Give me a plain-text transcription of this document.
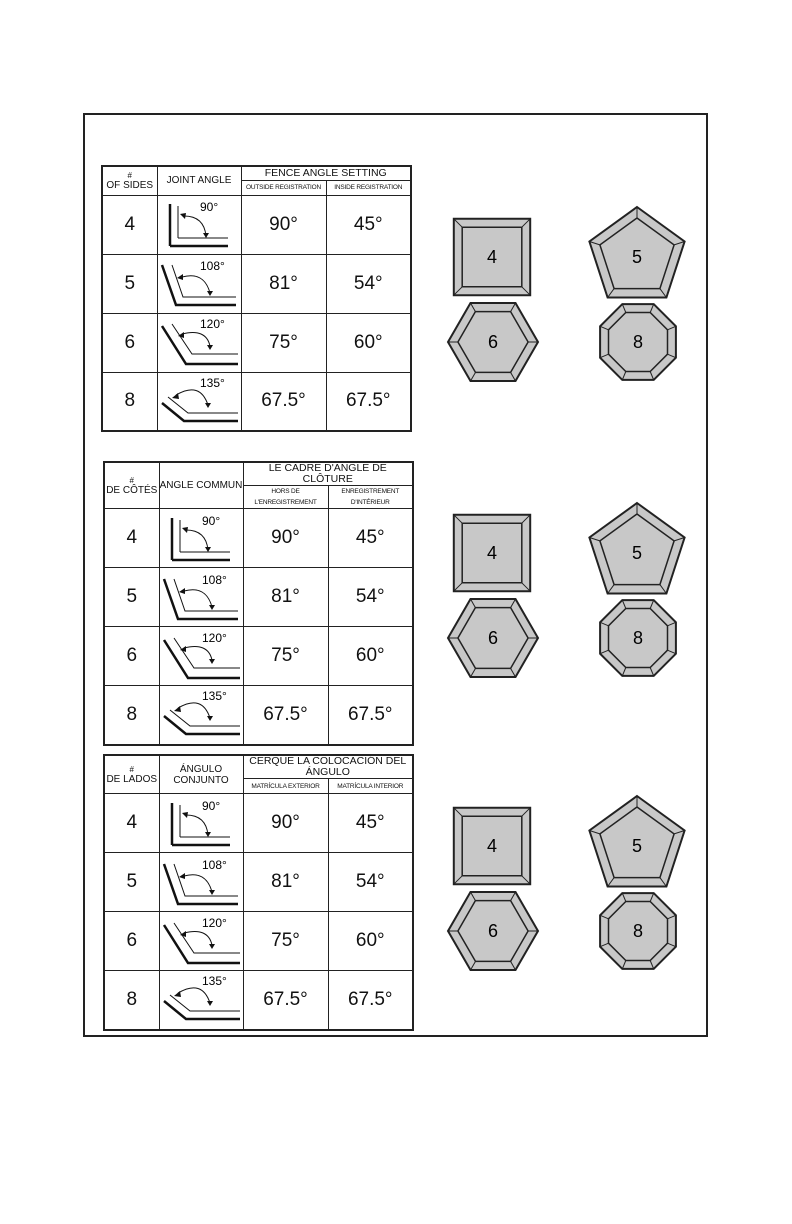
#
OF SIDES	JOINT ANGLE	FENCE ANGLE SETTING	
		OUTSIDE REGISTRATION	INSIDE REGISTRATION
4	90°	90°	45°
5	108°	81°	54°
6	120°	75°	60°
8	135°	67.5°	67.5°
4	5
6	8
#
DE CÔTÉS	ANGLE COMMUN	LE CADRE D'ANGLE DE CLÔTURE	
		HORS DE L'ENREGISTREMENT	ENREGISTREMENT D'INTÉRIEUR
4	90°	90°	45°
5	108°	81°	54°
6	120°	75°	60°
8	135°	67.5°	67.5°
4	5
6	8
#
DE LADOS	ÁNGULO CONJUNTO	CERQUE LA COLOCACIÓN DEL ÁNGULO	
		MATRÍCULA EXTERIOR	MATRÍCULA INTERIOR
4	90°	90°	45°
5	108°	81°	54°
6	120°	75°	60°
8	135°	67.5°	67.5°
4	5
6	8
